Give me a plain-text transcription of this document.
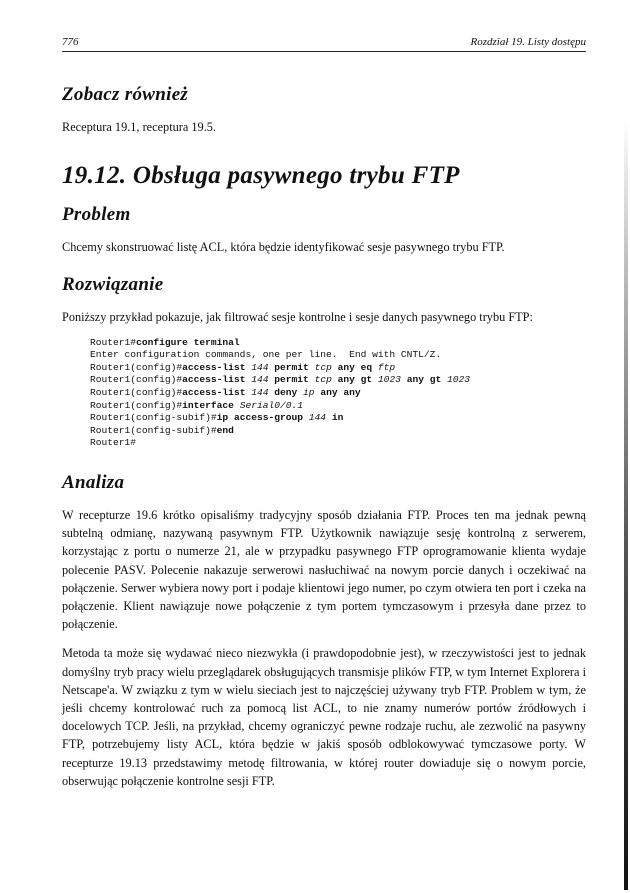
776	Rozdział 19. Listy dostępu
Zobacz również

Receptura 19.1, receptura 19.5.

19.12. Obsługa pasywnego trybu FTP
Problem

Chcemy skonstruować listę ACL, która będzie identyfikować sesje pasywnego trybu FTP.

Rozwiązanie

Poniższy przykład pokazuje, jak filtrować sesje kontrolne i sesje danych pasywnego trybu FTP:

Router1#configure terminal
Enter configuration commands, one per line.  End with CNTL/Z.
Router1(config)#access-list 144 permit tcp any eq ftp
Router1(config)#access-list 144 permit tcp any gt 1023 any gt 1023
Router1(config)#access-list 144 deny ip any any
Router1(config)#interface Serial0/0.1
Router1(config-subif)#ip access-group 144 in
Router1(config-subif)#end
Router1#
Analiza

W recepturze 19.6 krótko opisaliśmy tradycyjny sposób działania FTP. Proces ten ma jednak pewną subtelną odmianę, nazywaną pasywnym FTP. Użytkownik nawiązuje sesję kontrolną z serwerem, korzystając z portu o numerze 21, ale w przypadku pasywnego FTP oprogramowanie klienta wydaje polecenie PASV. Polecenie nakazuje serwerowi nasłuchiwać na nowym porcie danych i oczekiwać na połączenie. Serwer wybiera nowy port i podaje klientowi jego numer, po czym otwiera ten port i czeka na połączenie. Klient nawiązuje nowe połączenie z tym portem tymczasowym i przesyła dane przez to połączenie.

Metoda ta może się wydawać nieco niezwykła (i prawdopodobnie jest), w rzeczywistości jest to jednak domyślny tryb pracy wielu przeglądarek obsługujących transmisje plików FTP, w tym Internet Explorera i Netscape'a. W związku z tym w wielu sieciach jest to najczęściej używany tryb FTP. Problem w tym, że jeśli chcemy kontrolować ruch za pomocą list ACL, to nie znamy numerów portów źródłowych i docelowych TCP. Jeśli, na przykład, chcemy ograniczyć pewne rodzaje ruchu, ale zezwolić na pasywny FTP, potrzebujemy listy ACL, która będzie w jakiś sposób odblokowywać tymczasowe porty. W recepturze 19.13 przedstawimy metodę filtrowania, w której router dowiaduje się o nowym porcie, obserwując połączenie kontrolne sesji FTP.
